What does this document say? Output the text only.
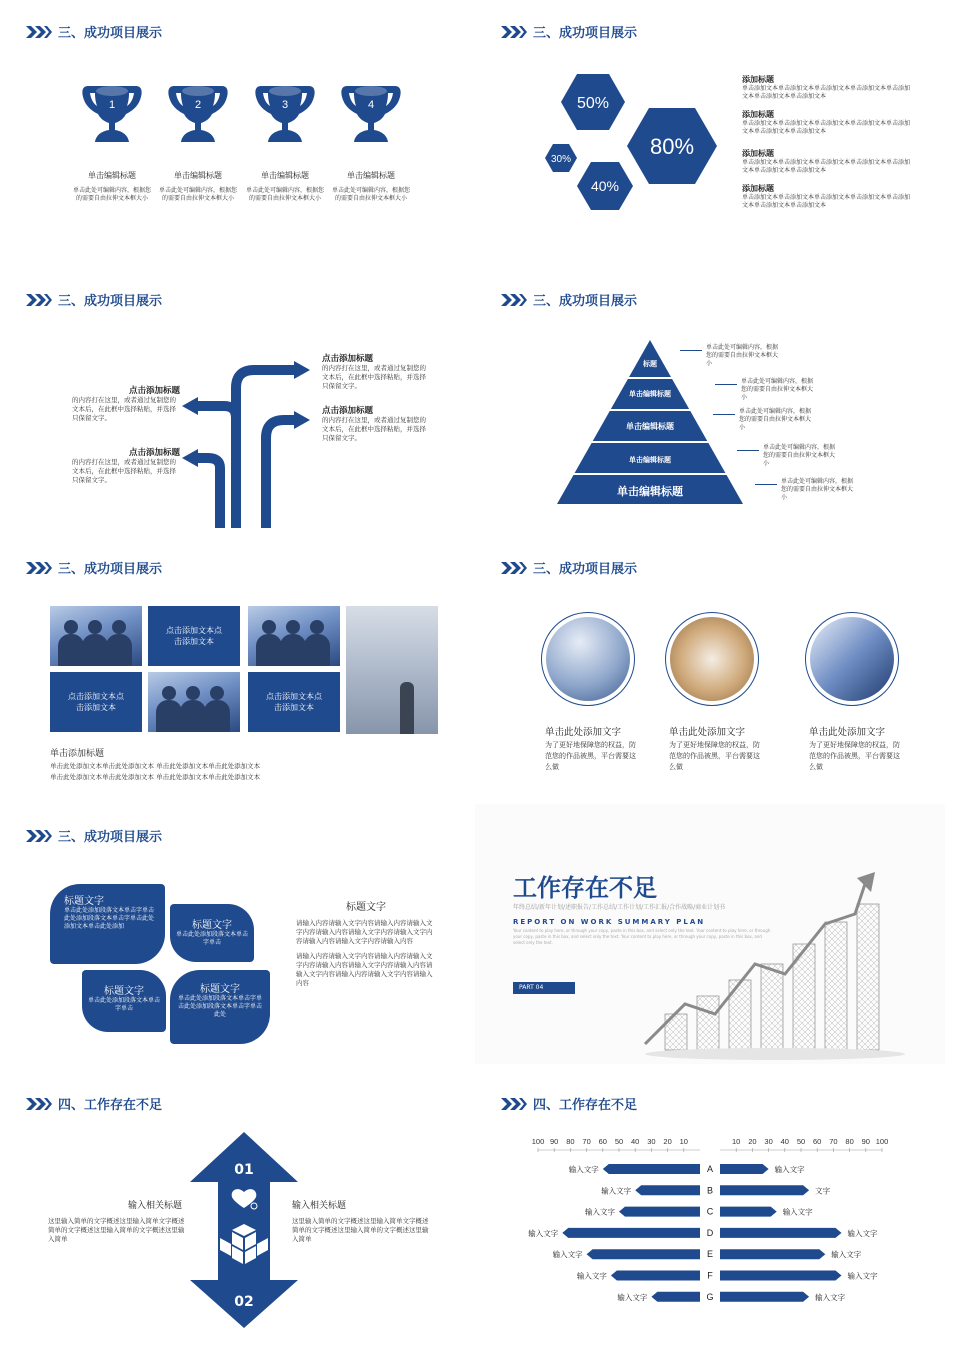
三、成功项目展示
1
单击编辑标题
单击此处可编辑内容，根据您的需要自由拉伸文本框大小
2
单击编辑标题
单击此处可编辑内容，根据您的需要自由拉伸文本框大小
3
单击编辑标题
单击此处可编辑内容，根据您的需要自由拉伸文本框大小
4
单击编辑标题
单击此处可编辑内容，根据您的需要自由拉伸文本框大小
三、成功项目展示
50%
80%
30%
40%
添加标题
单击添加文本单击添加文本单击添加文本单击添加文本单击添加文本单击添加文本单击添加文本
添加标题
单击添加文本单击添加文本单击添加文本单击添加文本单击添加文本单击添加文本单击添加文本
添加标题
单击添加文本单击添加文本单击添加文本单击添加文本单击添加文本单击添加文本单击添加文本
添加标题
单击添加文本单击添加文本单击添加文本单击添加文本单击添加文本单击添加文本单击添加文本
三、成功项目展示
点击添加标题
的内容打在这里，或者通过复制您的文本后，在此框中选择粘贴，并选择只保留文字。
点击添加标题
的内容打在这里，或者通过复制您的文本后，在此框中选择粘贴，并选择只保留文字。
点击添加标题
的内容打在这里，或者通过复制您的文本后，在此框中选择粘贴，并选择只保留文字。
点击添加标题
的内容打在这里，或者通过复制您的文本后，在此框中选择粘贴，并选择只保留文字。
三、成功项目展示
标题
单击编辑标题
单击编辑标题
单击编辑标题
单击编辑标题
单击此处可编辑内容，根据您的需要自由拉伸文本框大小
单击此处可编辑内容，根据您的需要自由拉伸文本框大小
单击此处可编辑内容，根据您的需要自由拉伸文本框大小
单击此处可编辑内容，根据您的需要自由拉伸文本框大小
单击此处可编辑内容，根据您的需要自由拉伸文本框大小
三、成功项目展示
点击添加文本点击添加文本
点击添加文本点击添加文本
点击添加文本点击添加文本
单击添加标题
单击此处添加文本单击此处添加文本 单击此处添加文本单击此处添加文本
单击此处添加文本单击此处添加文本 单击此处添加文本单击此处添加文本
三、成功项目展示
单击此处添加文字
为了更好地保障您的权益，防范您的作品被黑，平台需要这么做
单击此处添加文字
为了更好地保障您的权益，防范您的作品被黑，平台需要这么做
单击此处添加文字
为了更好地保障您的权益，防范您的作品被黑，平台需要这么做
三、成功项目展示
标题文字
单击此处添加段落文本单击字单击此处添加段落文本单击字单击此处添加文本单击此处添加	标题文字
单击此处添加段落文本单击字单击
标题文字
单击此处添加段落文本单击字单击
标题文字
单击此处添加段落文本单击字单击此处添加段落文本单击字单击此处
标题文字
请输入内容请输入文字内容请输入内容请输入文字内容请输入内容请输入文字内容请输入文字内容请输入内容请输入文字内容请输入内容
请输入内容请输入文字内容请输入内容请输入文字内容请输入内容请输入文字内容请输入内容请输入文字内容请输入内容请输入文字内容请输入内容
工作存在不足
年终总结/新年计划/述职报告/工作总结/工作计划/工作汇报/合作战略/商业计划书
REPORT ON WORK SUMMARY PLAN
Your content to play here, or through your copy, paste in this box, and select only the text. Your content to play here, or through your copy, paste in this box, and select only the text. Your content to play here, or through your copy, paste in this box, and select only the text.
PART 04
四、工作存在不足
01
02
输入相关标题
这里输入简单的文字概述这里输入简单文字概述简单的文字概述这里输入简单的文字概述这里输入简单
输入相关标题
这里输入简单的文字概述这里输入简单文字概述简单的文字概述这里输入简单的文字概述这里输入简单
四、工作存在不足
100 90 80 70 60 50 40 30 20 10	10 20 30 40 50 60 70 80 90 100
A
输入文字	输入文字
B
输入文字	文字
C
输入文字	输入文字
D
输入文字	输入文字
E
输入文字	输入文字
F
输入文字	输入文字
G
输入文字	输入文字
